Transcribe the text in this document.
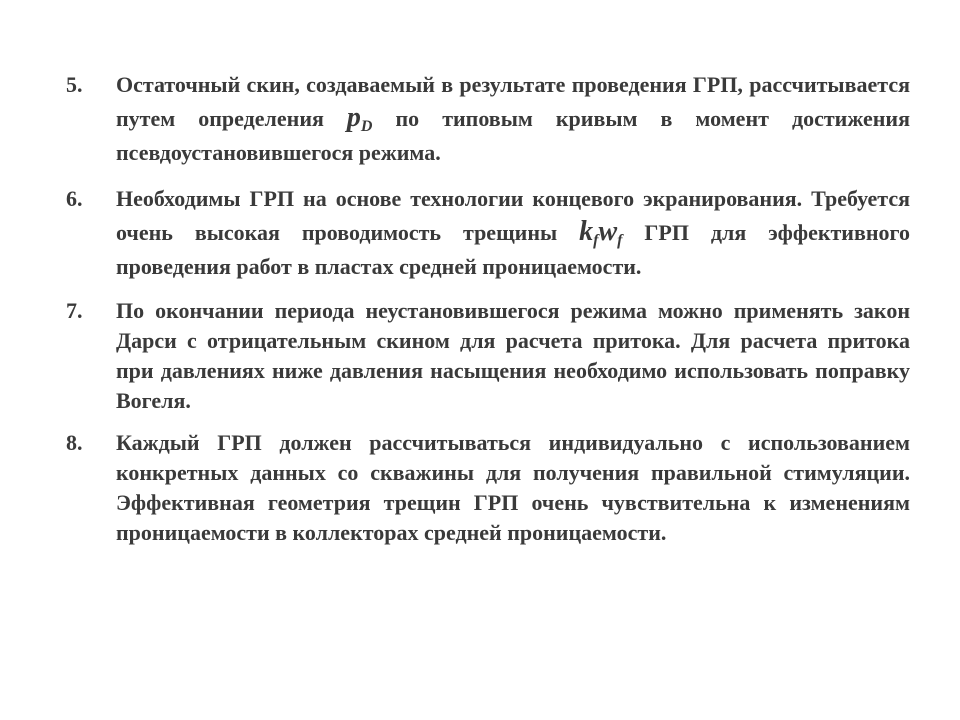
5. Остаточный скин, создаваемый в результате проведения ГРП, рассчитывается путем определения $p_D$ по типовым кривым в момент достижения псевдоустановившегося режима.
6. Необходимы ГРП на основе технологии концевого экранирования. Требуется очень высокая проводимость трещины $k_fw_f$ ГРП для эффективного проведения работ в пластах средней проницаемости.
7. По окончании периода неустановившегося режима можно применять закон Дарси с отрицательным скином для расчета притока. Для расчета притока при давлениях ниже давления насыщения необходимо использовать поправку Вогеля.
8. Каждый ГРП должен рассчитываться индивидуально с использованием конкретных данных со скважины для получения правильной стимуляции. Эффективная геометрия трещин ГРП очень чувствительна к изменениям проницаемости в коллекторах средней проницаемости.
